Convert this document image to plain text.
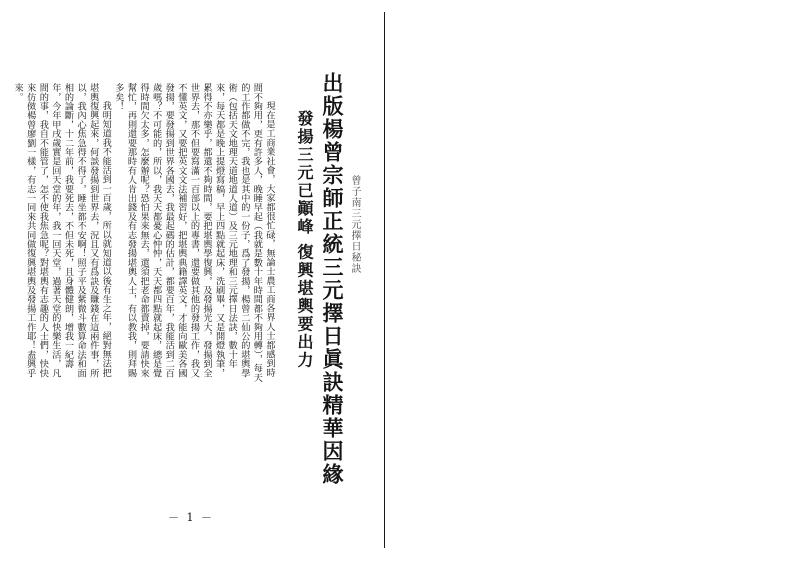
曾子南三元擇日秘訣
出版楊曾宗師正統三元擇日眞訣精華因緣
發揚三元已顚峰 復興堪輿要出力

現在是工商業社會，大家都很忙碌，無論士農工商各界人士都感到時間不夠用，更有許多人，晚睡早起（我就是數十年時間都不夠用轉），每天的工作都做不完，我也是其中的一份子，爲了發揚，楊曾二仙公的堪輿學術（包括天文地理天道地道人道）及三元地理和三元擇日法訣，數十年來，每天都是晚上提燈寫稿，早上四點就起床，洗刷畢，又是開燈執筆，累得不亦樂乎，都還不夠時間，要把堪輿學復興，及發揚光大，發揚到全世界去，那不但要寫滿一百部以上的專書，還要做其他的發揚工作，我又不懂英文，又要把英文文法補習好，把堪輿典籍譯英文，才能向歐美各國發揚，要發揚到世界各國去，我最起碼的估計，都要百年，我能活到二百歲嗎？不可能的，所以，我天天都憂心忡忡，天天都四點就起床，總是覺得時間欠太多，怎麼辦呢？恐怕果來無去，還須把老命都賣掉，要請快來幫忙，再則還要那時有人肯出錢及有志發揚堪輿人士，有以教我，則拜賜多矣！

我明知道我不能活到一百歲，所以就知道以後有生之年，絕對無法把堪輿復興起來，何談發揚到世界去，況且又有爲訣及賺錢在這兩件事，所以，我內心焦急得不得了，睡坐都不安啊！照子平及紫微斗數算命法和面相的論斷，十二年前，我要死去，不但未死，且身體健朗，增我一紀壽年，今年甲戌歲實是回天堂的年，我一回天堂，過著天堂的快樂生活，凡間的事，我自不能管了，怎不使我焦急呢？對堪輿有志趣的人士們，快快來仿傚楊曾廖劉一樣，有志一同來共同做復興堪輿及發揚工作耶！盍興乎來。

－ 1 －
